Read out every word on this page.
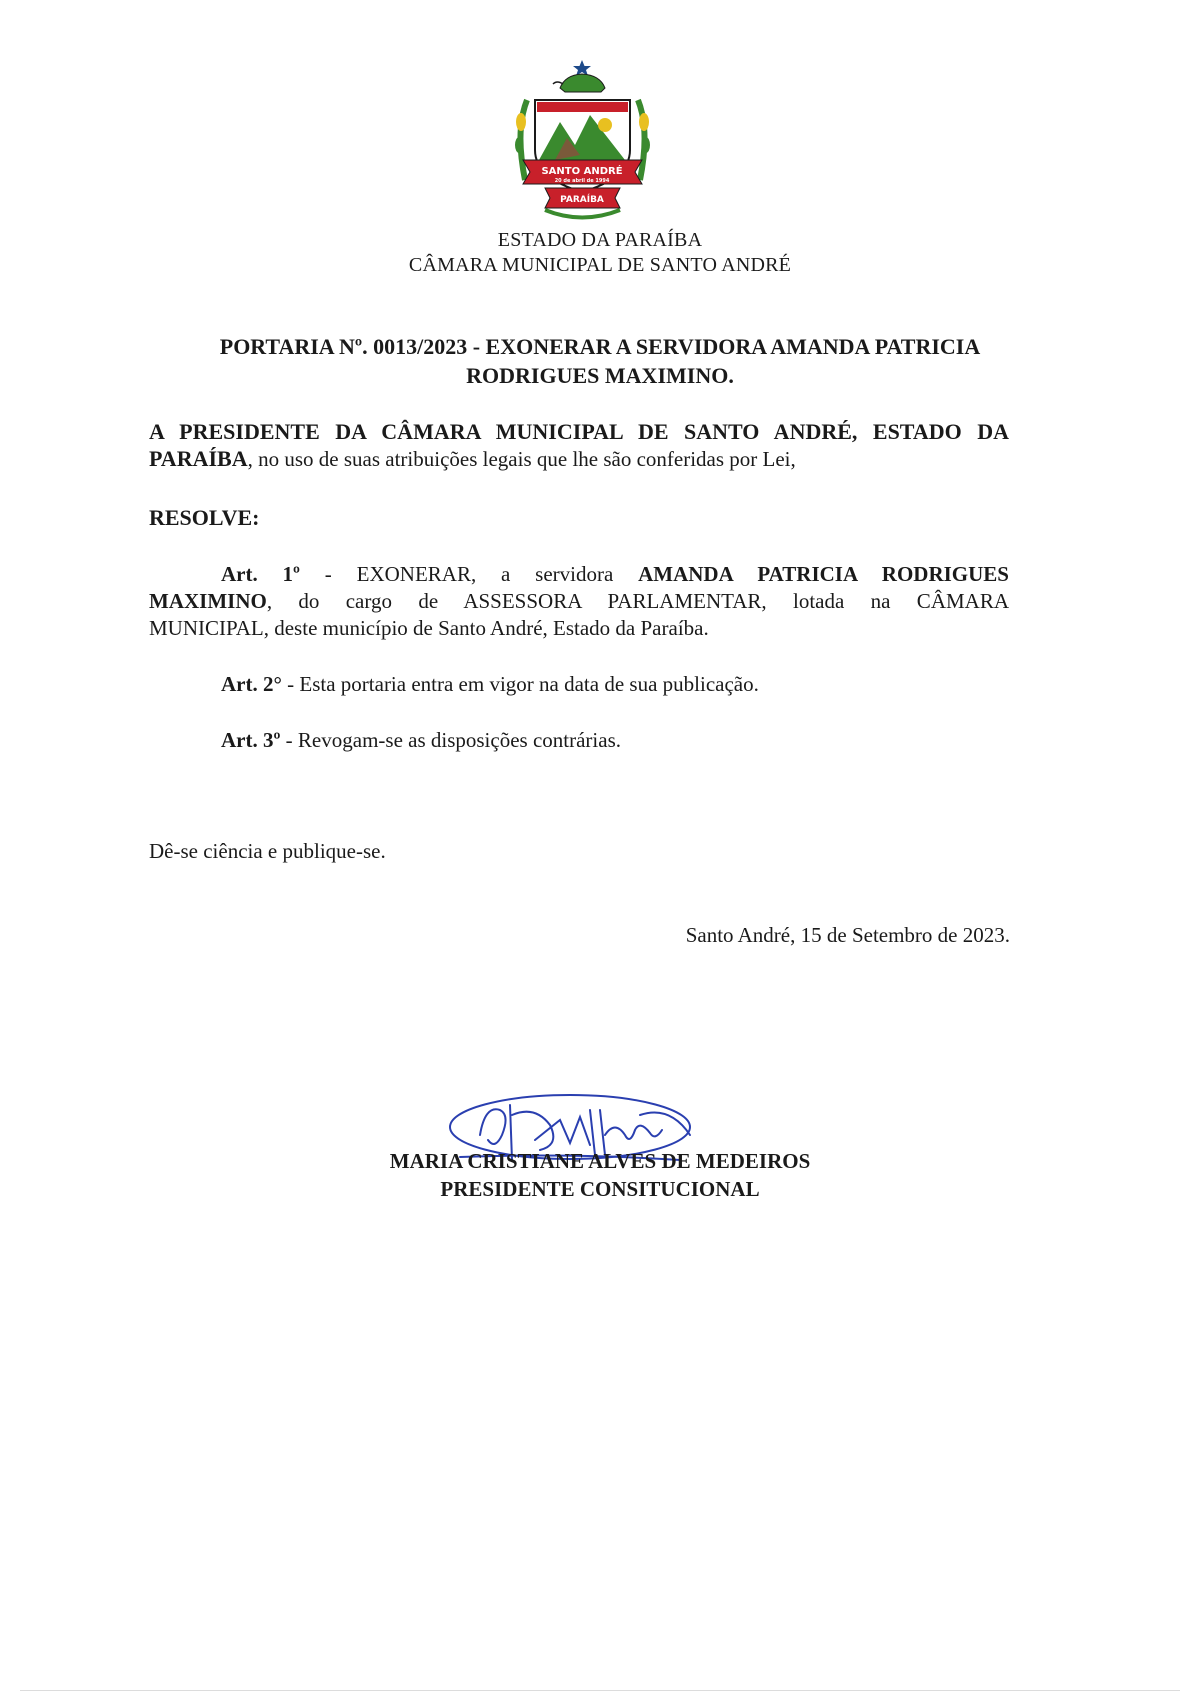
SANTO ANDRÉ
20 de abril de 1994
PARAÍBA
ESTADO DA PARAÍBA
CÂMARA MUNICIPAL DE SANTO ANDRÉ
PORTARIA Nº. 0013/2023 - EXONERAR A SERVIDORA AMANDA PATRICIA
RODRIGUES MAXIMINO.
A PRESIDENTE DA CÂMARA MUNICIPAL DE SANTO ANDRÉ, ESTADO DA
PARAÍBA, no uso de suas atribuições legais que lhe são conferidas por Lei,
RESOLVE:
Art. 1º - EXONERAR, a servidora AMANDA PATRICIA RODRIGUES
MAXIMINO, do cargo de ASSESSORA PARLAMENTAR, lotada na CÂMARA
MUNICIPAL, deste município de Santo André, Estado da Paraíba.
Art. 2° - Esta portaria entra em vigor na data de sua publicação.
Art. 3º - Revogam-se as disposições contrárias.
Dê-se ciência e publique-se.
Santo André, 15 de Setembro de 2023.
MARIA CRISTIANE ALVES DE MEDEIROS
PRESIDENTE CONSITUCIONAL
